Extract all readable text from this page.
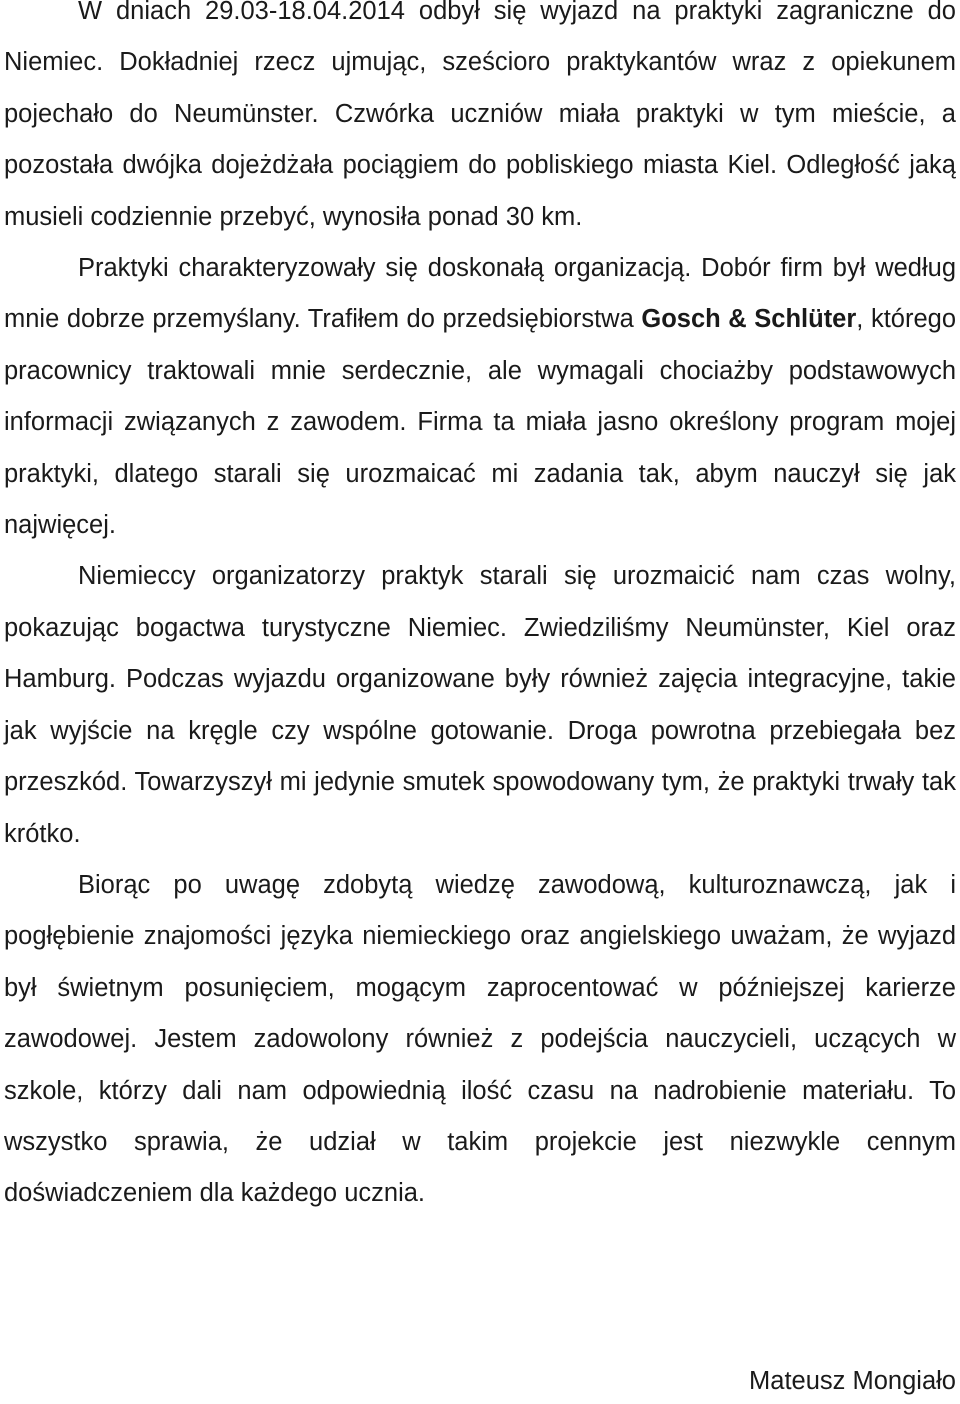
W dniach 29.03-18.04.2014 odbył się wyjazd na praktyki zagraniczne do Niemiec. Dokładniej rzecz ujmując, sześcioro praktykantów wraz z opiekunem pojechało do Neumünster. Czwórka uczniów miała praktyki w tym mieście, a pozostała dwójka dojeżdżała pociągiem do pobliskiego miasta Kiel. Odległość jaką musieli codziennie przebyć, wynosiła ponad 30 km.

Praktyki charakteryzowały się doskonałą organizacją. Dobór firm był według mnie dobrze przemyślany. Trafiłem do przedsiębiorstwa Gosch & Schlüter, którego pracownicy traktowali mnie serdecznie, ale wymagali chociażby podstawowych informacji związanych z zawodem. Firma ta miała jasno określony program mojej praktyki, dlatego starali się urozmaicać mi zadania tak, abym nauczył się jak najwięcej.

Niemieccy organizatorzy praktyk starali się urozmaicić nam czas wolny, pokazując bogactwa turystyczne Niemiec. Zwiedziliśmy Neumünster, Kiel oraz Hamburg. Podczas wyjazdu organizowane były również zajęcia integracyjne, takie jak wyjście na kręgle czy wspólne gotowanie. Droga powrotna przebiegała bez przeszkód. Towarzyszył mi jedynie smutek spowodowany tym, że praktyki trwały tak krótko.

Biorąc po uwagę zdobytą wiedzę zawodową, kulturoznawczą, jak i pogłębienie znajomości języka niemieckiego oraz angielskiego uważam, że wyjazd był świetnym posunięciem, mogącym zaprocentować w późniejszej karierze zawodowej. Jestem zadowolony również z podejścia nauczycieli, uczących w szkole, którzy dali nam odpowiednią ilość czasu na nadrobienie materiału. To wszystko sprawia, że udział w takim projekcie jest niezwykle cennym doświadczeniem dla każdego ucznia.

Mateusz Mongiało
